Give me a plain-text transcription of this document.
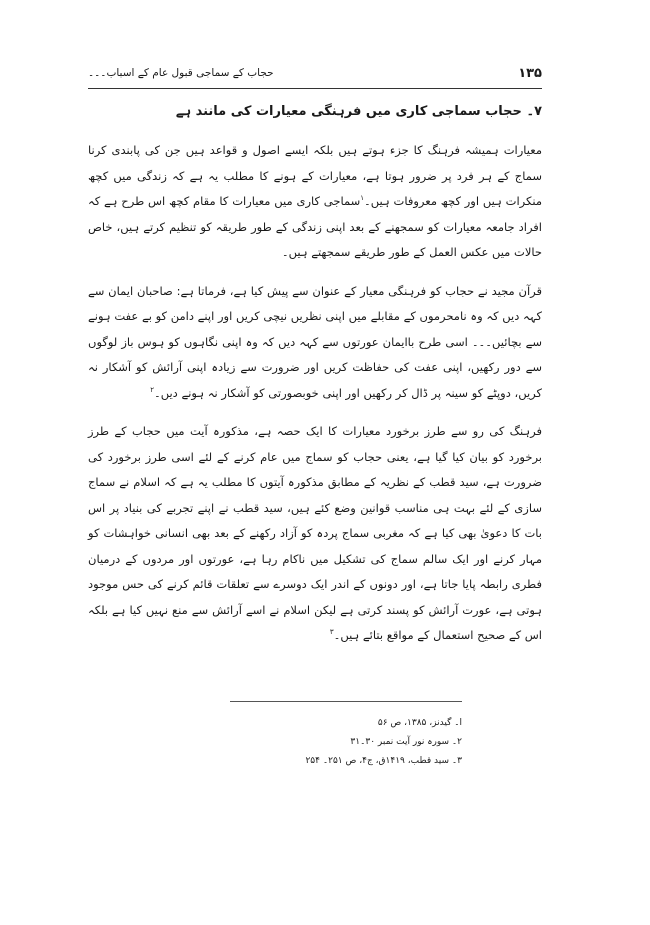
۱۳۵
حجاب کے سماجی قبول عام کے اسباب۔۔۔
۷۔ حجاب سماجی کاری میں فرہنگی معیارات کی مانند ہے

معیارات ہمیشہ فرہنگ کا جزء ہوتے ہیں بلکہ ایسے اصول و قواعد ہیں جن کی پابندی کرنا سماج کے ہر فرد پر ضرور ہوتا ہے، معیارات کے ہونے کا مطلب یہ ہے کہ زندگی میں کچھ منکرات ہیں اور کچھ معروفات ہیں۔$^۱$سماجی کاری میں معیارات کا مقام کچھ اس طرح ہے کہ افراد جامعہ معیارات کو سمجھنے کے بعد اپنی زندگی کے طور طریقہ کو تنظیم کرتے ہیں، خاص حالات میں عکس العمل کے طور طریقے سمجھتے ہیں۔

قرآن مجید نے حجاب کو فرہنگی معیار کے عنوان سے پیش کیا ہے، فرماتا ہے: صاحبان ایمان سے کہہ دیں کہ وہ نامحرموں کے مقابلے میں اپنی نظریں نیچی کریں اور اپنے دامن کو بے عفت ہونے سے بچائیں۔۔۔ اسی طرح باایمان عورتوں سے کہہ دیں کہ وہ اپنی نگاہوں کو ہوس باز لوگوں سے دور رکھیں، اپنی عفت کی حفاظت کریں اور ضرورت سے زیادہ اپنی آرائش کو آشکار نہ کریں، دوپٹے کو سینہ پر ڈال کر رکھیں اور اپنی خوبصورتی کو آشکار نہ ہونے دیں۔$^۲$

فرہنگ کی رو سے طرز برخورد معیارات کا ایک حصہ ہے، مذکورہ آیت میں حجاب کے طرز برخورد کو بیان کیا گیا ہے، یعنی حجاب کو سماج میں عام کرنے کے لئے اسی طرز برخورد کی ضرورت ہے، سید قطب کے نظریہ کے مطابق مذکورہ آیتوں کا مطلب یہ ہے کہ اسلام نے سماج سازی کے لئے بہت ہی مناسب قوانین وضع کئے ہیں، سید قطب نے اپنے تجربے کی بنیاد پر اس بات کا دعویٰ بھی کیا ہے کہ مغربی سماج پردہ کو آزاد رکھنے کے بعد بھی انسانی خواہشات کو مہار کرنے اور ایک سالم سماج کی تشکیل میں ناکام رہا ہے، عورتوں اور مردوں کے درمیان فطری رابطہ پایا جاتا ہے، اور دونوں کے اندر ایک دوسرے سے تعلقات قائم کرنے کی حس موجود ہوتی ہے، عورت آرائش کو پسند کرتی ہے لیکن اسلام نے اسے آرائش سے منع نہیں کیا ہے بلکہ اس کے صحیح استعمال کے مواقع بتائے ہیں۔$^۳$

ا۔ گیدنز، ۱۳۸۵، ص ۵۶

۲۔ سورہ نور آیت نمبر ۳۰۔۳۱

۳۔ سید قطب، ۱۴۱۹ق، ج۴، ص ۲۵۱۔ ۲۵۴
